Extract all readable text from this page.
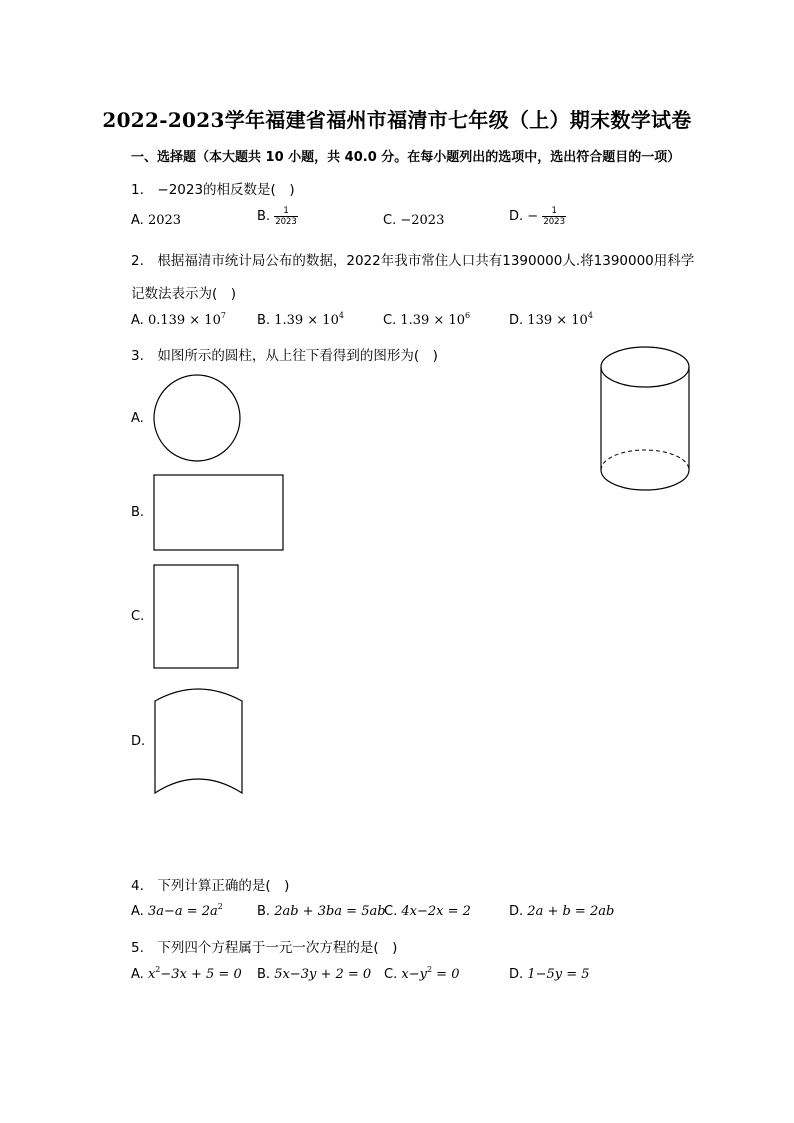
2022-2023学年福建省福州市福清市七年级（上）期末数学试卷
一、选择题（本大题共 10 小题，共 40.0 分。在每小题列出的选项中，选出符合题目的一项）
1.　−2023的相反数是(　)
A. 2023	B. $\frac{1}{2023}$	C. −2023	D. − $\frac{1}{2023}$
2.　根据福清市统计局公布的数据，2022年我市常住人口共有1390000人.将1390000用科学
记数法表示为(　)
A. $0.139 \times 10^7$ B. $1.39 \times 10^4$	C. $1.39 \times 10^6$	D. $139 \times 10^4$
3.　如图所示的圆柱，从上往下看得到的图形为(　)
A.
B.
C.
D.
4.　下列计算正确的是(　)
A. $3a-a = 2a^2$	B. 2ab + 3ba = 5ab
C. 4x−2x = 2	D. 2a + b = 2ab
5.　下列四个方程属于一元一次方程的是(　)
A. $x^2-3x + 5 = 0$ B. 5x−3y + 2 = 0 C. $x-y^2 = 0$	D. 1−5y = 5
